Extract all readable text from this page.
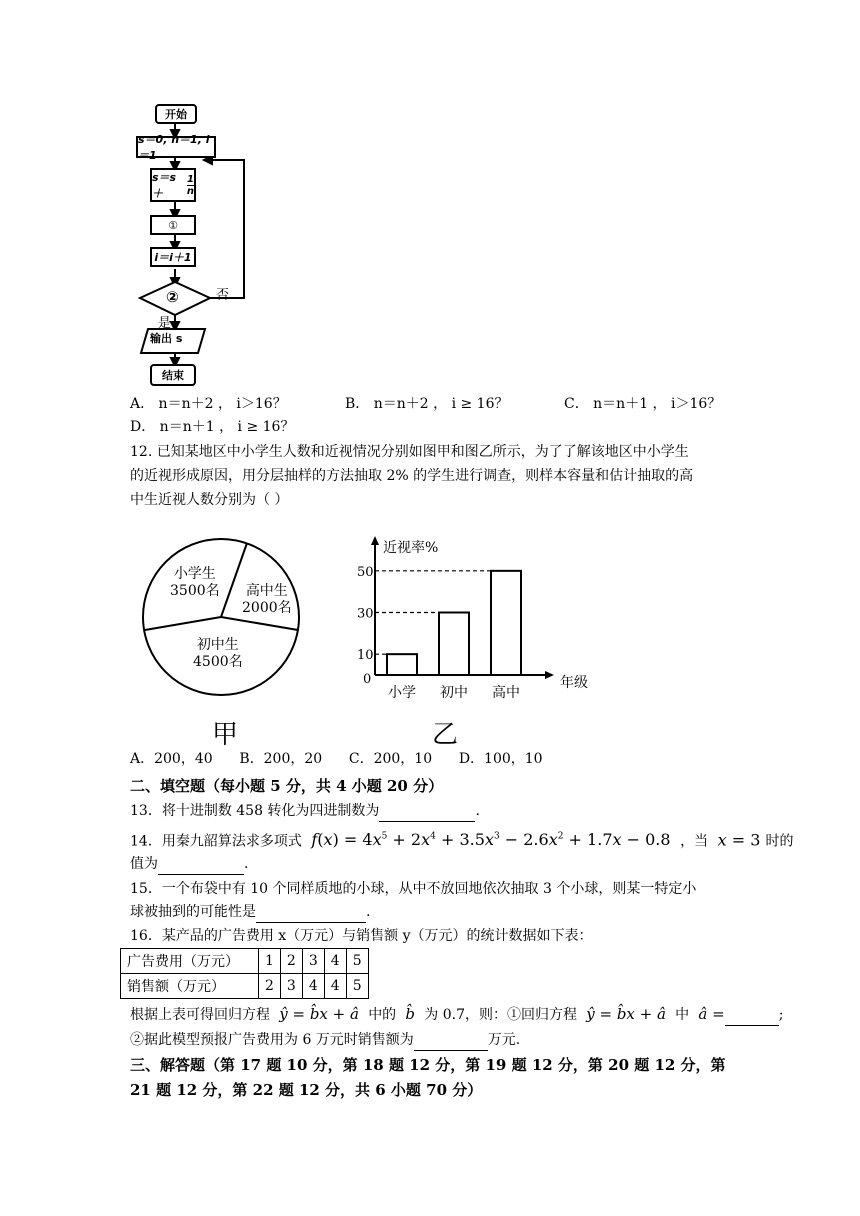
开始
s＝0, n＝1, i＝1
s＝s＋	$\frac{1}{n}$
①
i＝i＋1
②	否
是
输出 s
结束
A． n＝n＋2 ， i＞16？	B． n＝n＋2 ， i ≥ 16？	C． n＝n＋1 ， i＞16？
D． n＝n＋1 ， i ≥ 16？
12. 已知某地区中小学生人数和近视情况分别如图甲和图乙所示，为了了解该地区中小学生
的近视形成原因，用分层抽样的方法抽取 2% 的学生进行调查，则样本容量和估计抽取的高
中生近视人数分别为（ ）
小学生
3500名 高中生
2000名
初中生
4500名
甲
近视率%
年级
0
10
小学
30
初中
50
高中
乙
A．200，40      B．200，20      C．200，10      D．100，10
二、填空题（每小题 5 分，共 4 小题 20 分）
13．将十进制数 458 转化为四进制数为	.
14．用秦九韶算法求多项式 $f(x) = 4x^5 + 2x^4 + 3.5x^3 - 2.6x^2 + 1.7x - 0.8$  ，当 x = 3 时的
值为	.
15．一个布袋中有 10 个同样质地的小球，从中不放回地依次抽取 3 个小球，则某一特定小
球被抽到的可能性是	.
16．某产品的广告费用 x（万元）与销售额 y（万元）的统计数据如下表：
广告费用（万元）	1	2	3	4	5
销售额（万元）	2	3	4	4	5
根据上表可得回归方程 ŷ = b̂x + â 中的 b̂ 为 0.7，则：①回归方程 ŷ = b̂x + â 中 â =	;
②据此模型预报广告费用为 6 万元时销售额为	万元.
三、解答题（第 17 题 10 分，第 18 题 12 分，第 19 题 12 分，第 20 题 12 分，第
21 题 12 分，第 22 题 12 分，共 6 小题 70 分）
